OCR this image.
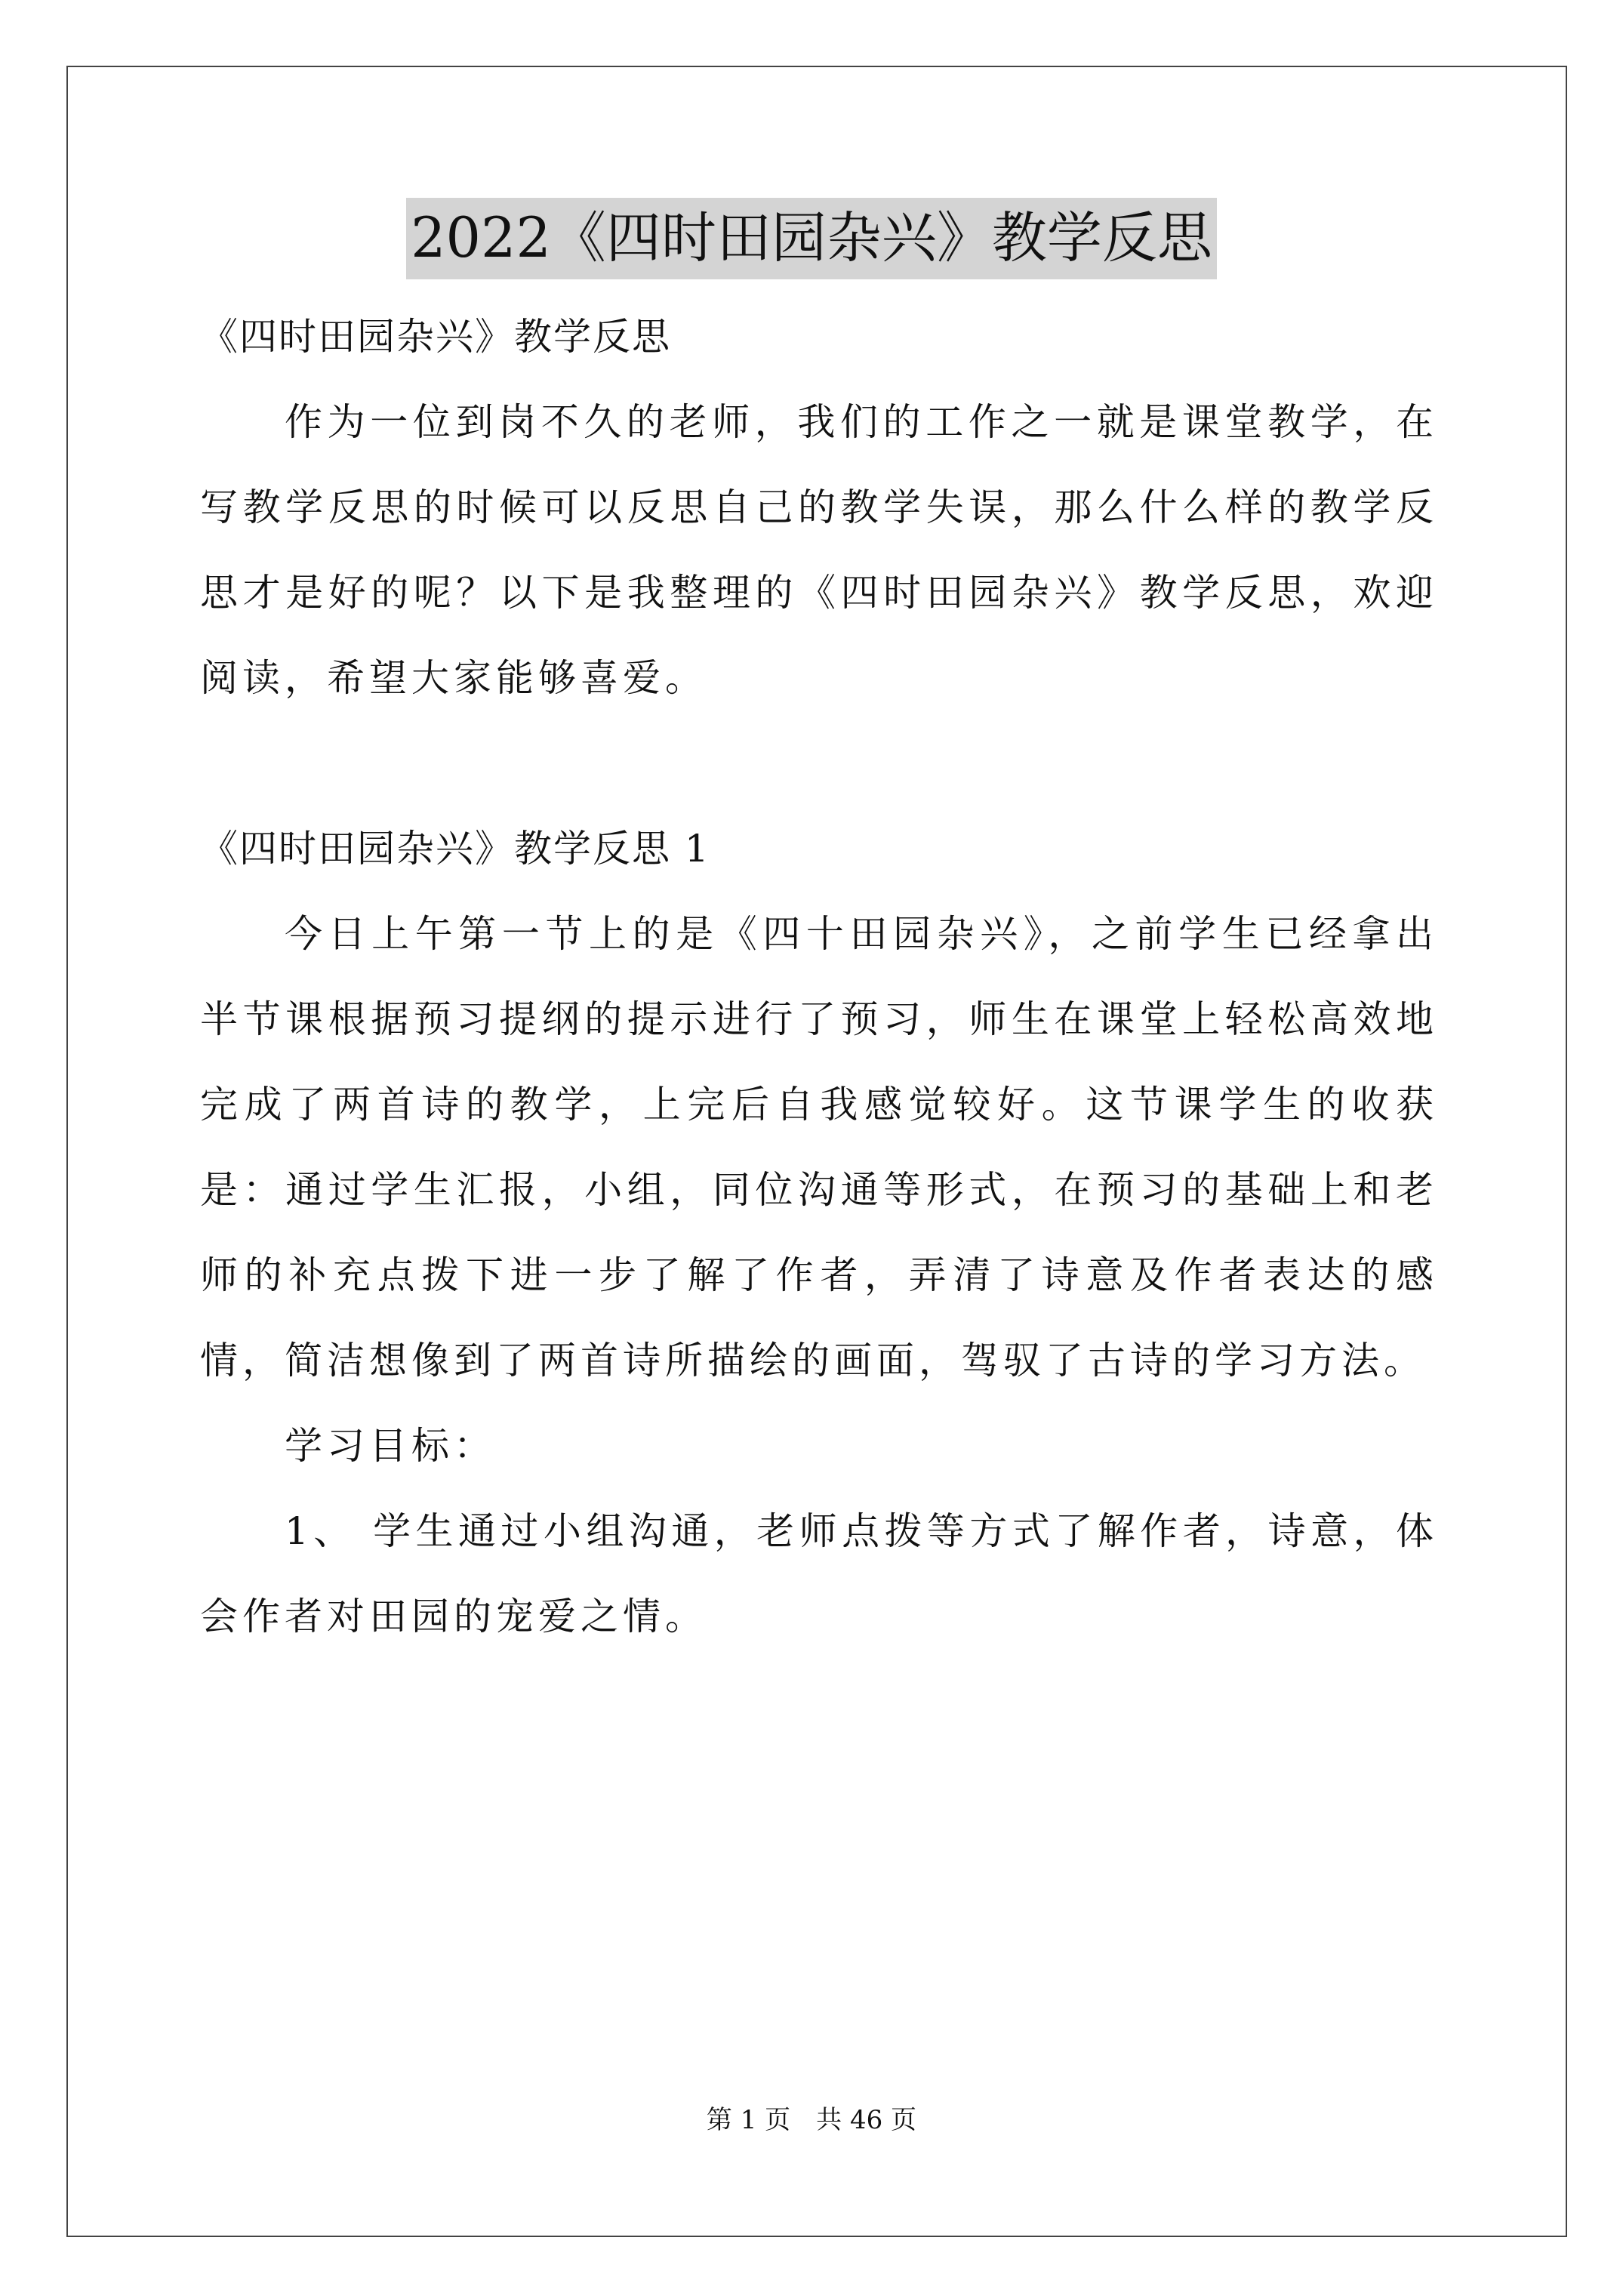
2022《四时田园杂兴》教学反思

《四时田园杂兴》教学反思

作为一位到岗不久的老师，我们的工作之一就是课堂教学，在写教学反思的时候可以反思自己的教学失误，那么什么样的教学反思才是好的呢？以下是我整理的《四时田园杂兴》教学反思，欢迎阅读，希望大家能够喜爱。

《四时田园杂兴》教学反思 1

今日上午第一节上的是《四十田园杂兴》，之前学生已经拿出半节课根据预习提纲的提示进行了预习，师生在课堂上轻松高效地完成了两首诗的教学，上完后自我感觉较好。这节课学生的收获是：通过学生汇报，小组，同位沟通等形式，在预习的基础上和老师的补充点拨下进一步了解了作者，弄清了诗意及作者表达的感情，简洁想像到了两首诗所描绘的画面，驾驭了古诗的学习方法。

学习目标：

1、 学生通过小组沟通，老师点拨等方式了解作者，诗意，体会作者对田园的宠爱之情。

第 1 页　共 46 页
